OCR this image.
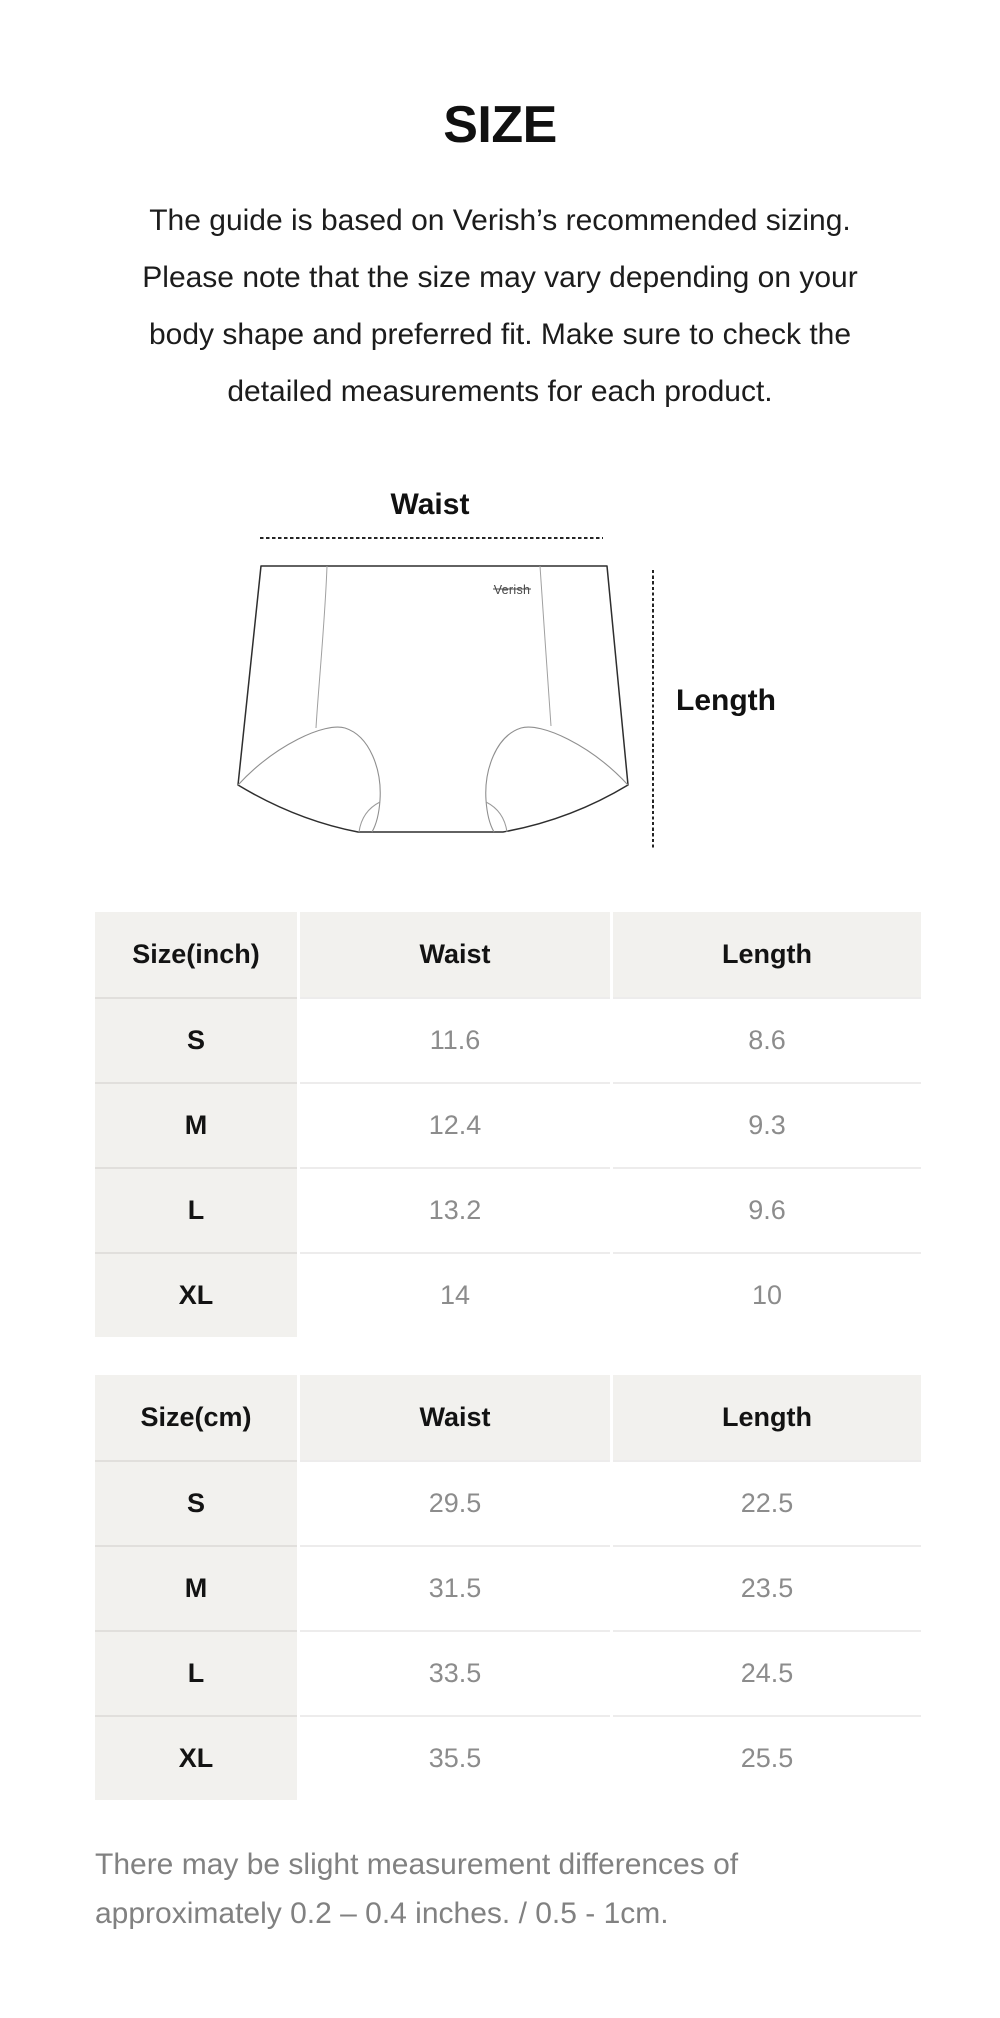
SIZE
The guide is based on Verish’s recommended sizing.
Please note that the size may vary depending on your
body shape and preferred fit. Make sure to check the
detailed measurements for each product.
Waist
Verish
Length
Size(inch)	Waist	Length
S	11.6	8.6
M	12.4	9.3
L	13.2	9.6
XL	14	10
Size(cm)	Waist	Length
S	29.5	22.5
M	31.5	23.5
L	33.5	24.5
XL	35.5	25.5
There may be slight measurement differences of
approximately 0.2 – 0.4 inches. / 0.5 - 1cm.
